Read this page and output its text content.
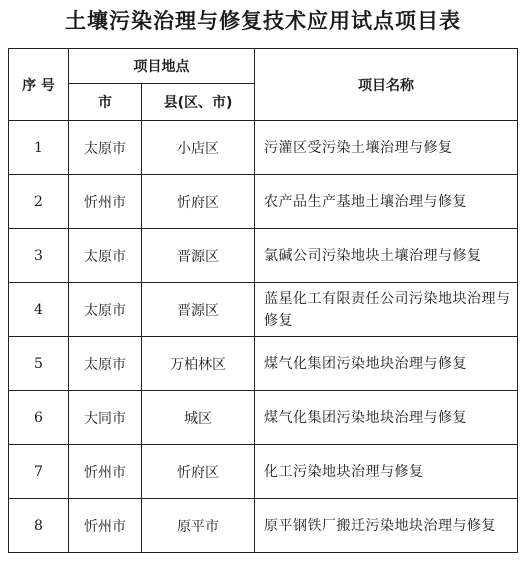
土壤污染治理与修复技术应用试点项目表
序 号	项目地点		项目名称
	市	县(区、市)	
1	太原市	小店区	污灌区受污染土壤治理与修复
2	忻州市	忻府区	农产品生产基地土壤治理与修复
3	太原市	晋源区	氯碱公司污染地块土壤治理与修复
4	太原市	晋源区	蓝星化工有限责任公司污染地块治理与修复
5	太原市	万柏林区	煤气化集团污染地块治理与修复
6	大同市	城区	煤气化集团污染地块治理与修复
7	忻州市	忻府区	化工污染地块治理与修复
8	忻州市	原平市	原平钢铁厂搬迁污染地块治理与修复
